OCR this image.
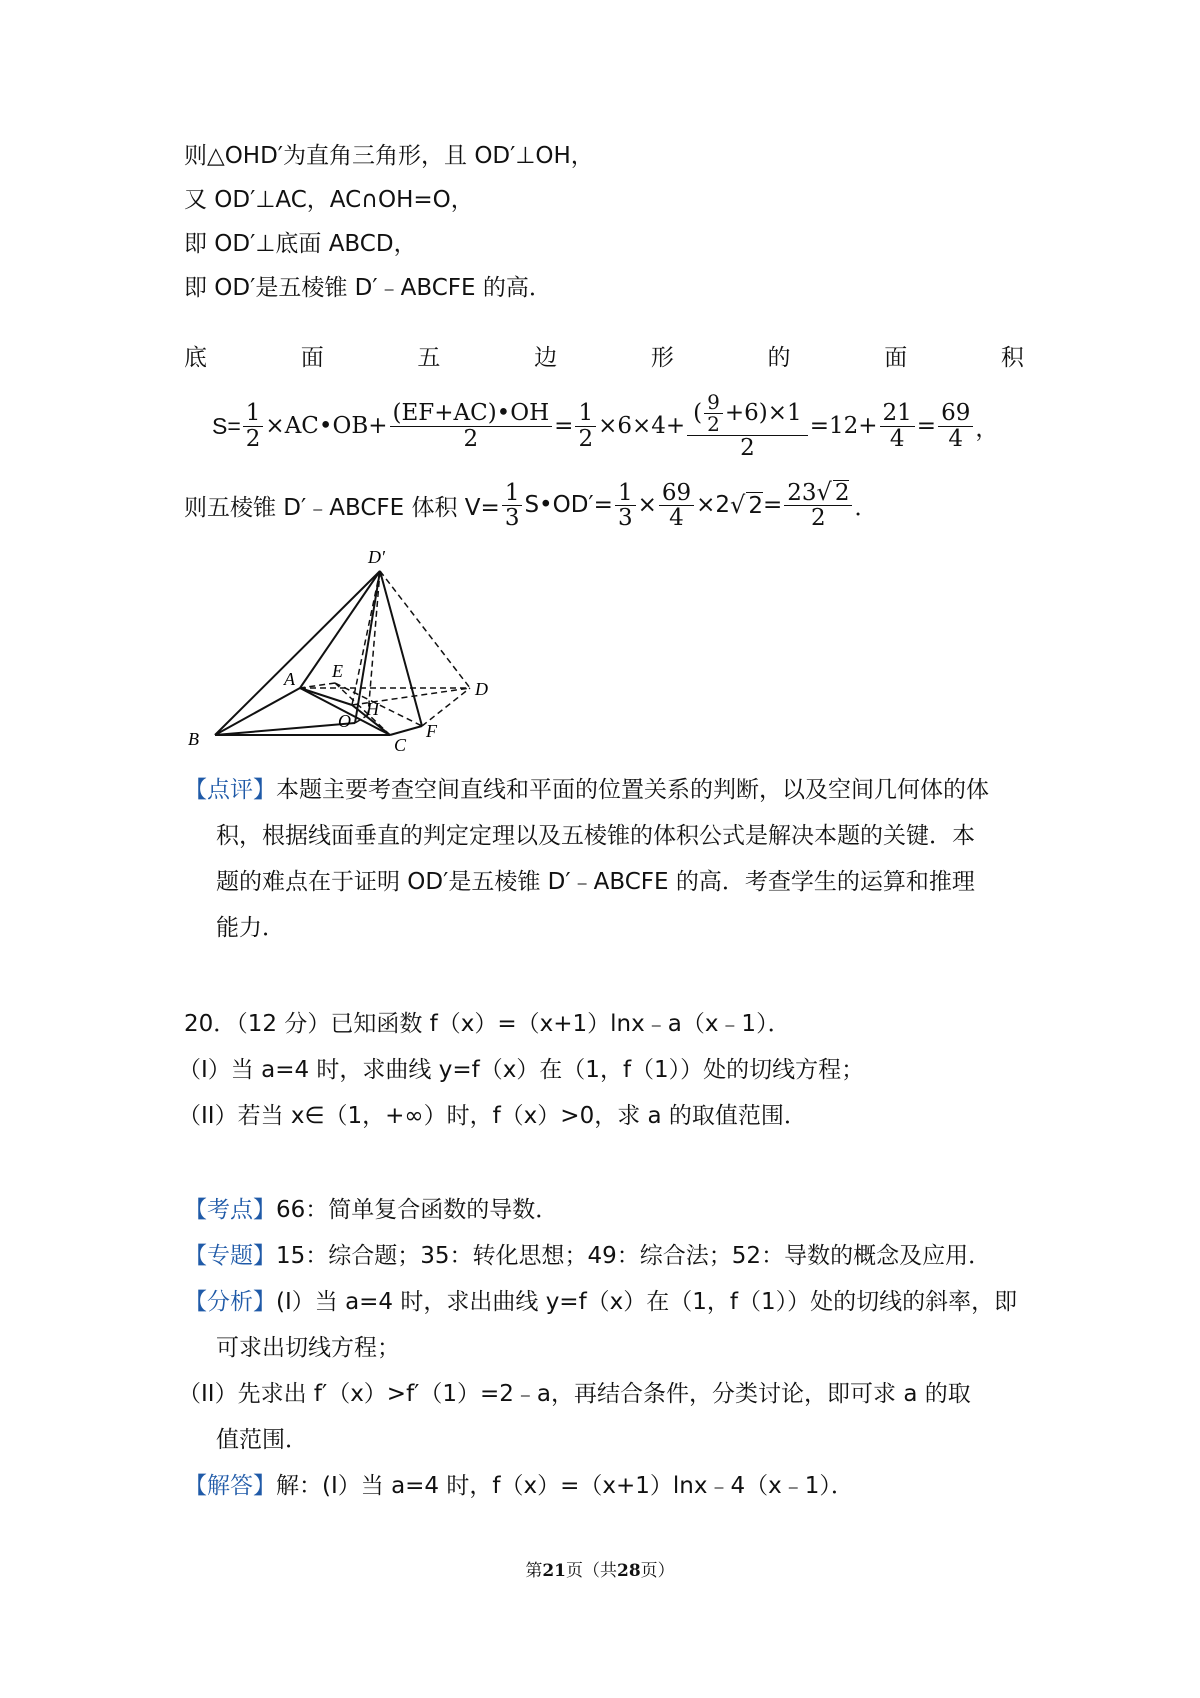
则△OHD′为直角三角形，且 OD′⊥OH，
又 OD′⊥AC，AC∩OH=O，
即 OD′⊥底面 ABCD，
即 OD′是五棱锥 D′﹣ABCFE 的高．
底	面	五	边	形	的	面	积
$S= \frac{1}{2}$ ×AC•OB+ $\frac{(EF+AC)•OH}{2} = \frac{1}{2} \times 6\times 4+ \frac{( \frac{9}{2} +6)\times 1}{2} =12+ \frac{21}{4} = \frac{69}{4}$ ，
则五棱锥 D′﹣ABCFE 体积 $V= \frac{1}{3}$ S•OD′= $\frac{1}{3} \times \frac{69}{4} \times 2$ √ $2 = \frac{23 √ 2}{2}$ ．
D′
A E
D
O
H
F
B	C
【点评】本题主要考查空间直线和平面的位置关系的判断，以及空间几何体的体
积，根据线面垂直的判定定理以及五棱锥的体积公式是解决本题的关键．本
题的难点在于证明 OD′是五棱锥 D′﹣ABCFE 的高．考查学生的运算和推理
能力．
20．（12 分）已知函数 f（x）=（x+1）lnx﹣a（x﹣1）．
（I）当 a=4 时，求曲线 y=f（x）在（1，f（1））处的切线方程；
（II）若当 x∈（1，+∞）时，f（x）>0，求 a 的取值范围．
【考点】66：简单复合函数的导数．
【专题】15：综合题；35：转化思想；49：综合法；52：导数的概念及应用．
【分析】(I）当 a=4 时，求出曲线 y=f（x）在（1，f（1））处的切线的斜率，即
可求出切线方程；
（II）先求出 f′（x）>f′（1）=2﹣a，再结合条件，分类讨论，即可求 a 的取
值范围．
【解答】解：(I）当 a=4 时，f（x）=（x+1）lnx﹣4（x﹣1）．
第21页（共28页）
